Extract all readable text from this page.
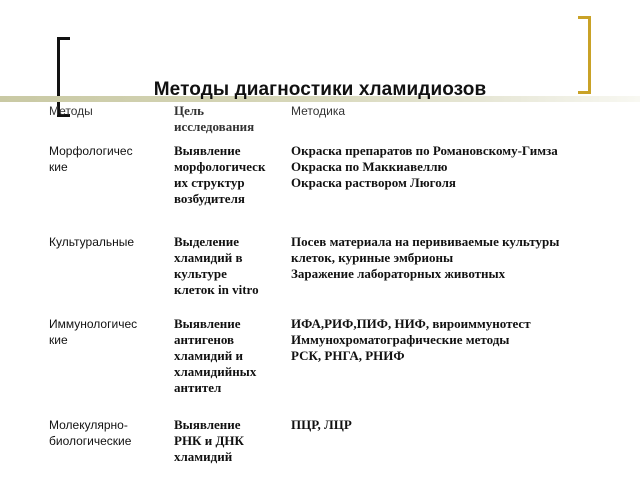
Методы диагностики хламидиозов
Методы	Цель
исследования
Методика
Морфологичес
кие
Выявление
морфологическ
их структур
возбудителя
Окраска препаратов по Романовскому-Гимза
Окраска по Маккиавеллю
Окраска раствором Люголя
Культуральные	Выделение
хламидий в
культуре
клеток in vitro
Посев материала на перививаемые культуры
клеток, куриные эмбрионы
Заражение лабораторных животных
Иммунологичес
кие
Выявление
антигенов
хламидий и
хламидийных
антител
ИФА,РИФ,ПИФ, НИФ, вироиммунотест
Иммунохроматографические методы
РСК, РНГА, РНИФ
Молекулярно-
биологические
Выявление
РНК и ДНК
хламидий
ПЦР, ЛЦР
